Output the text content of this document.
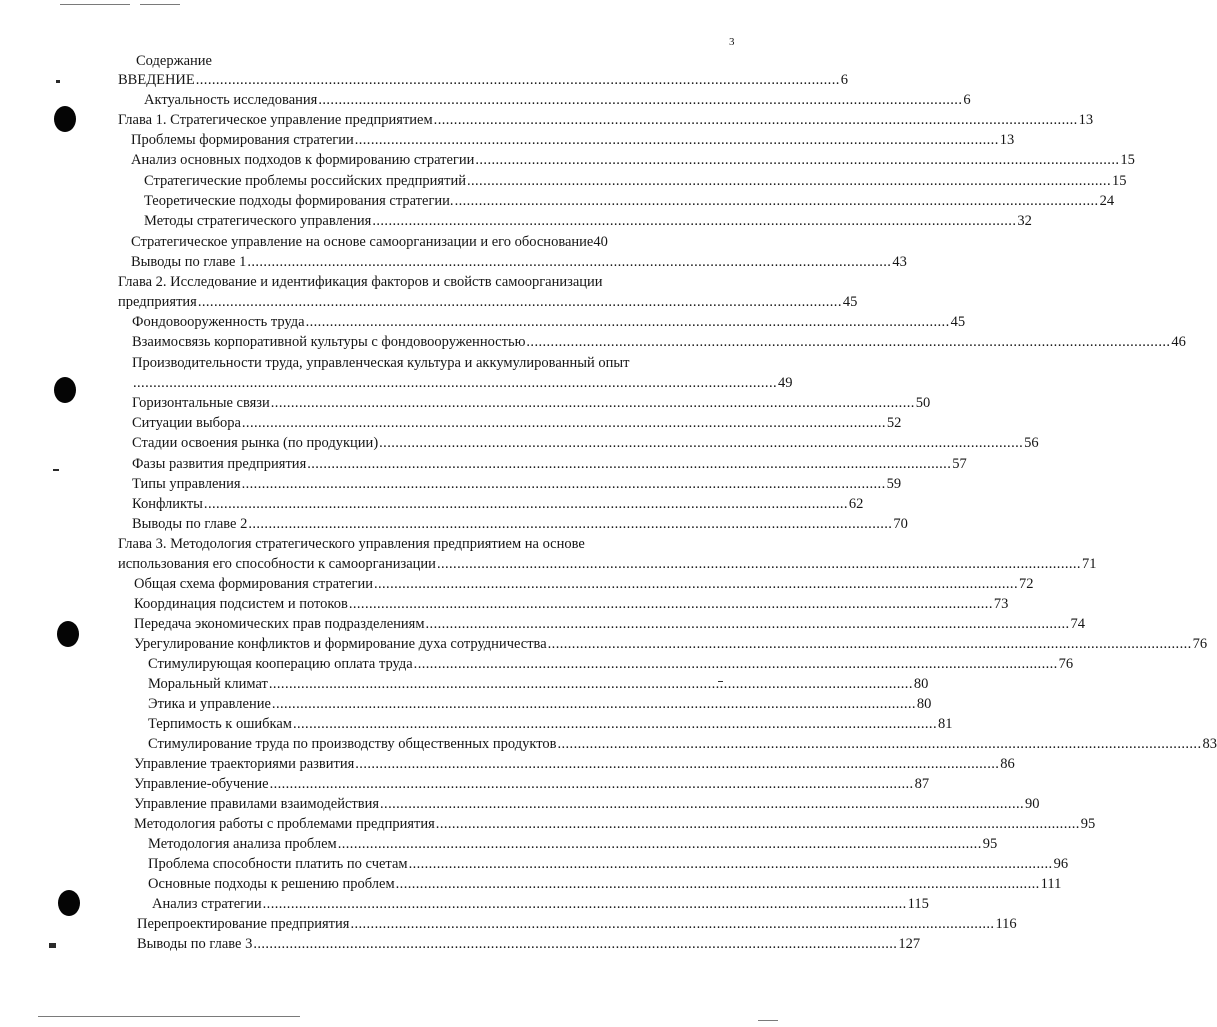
3
Содержание
ВВЕДЕНИЕ ................................................................................................................................................................ 6
Актуальность исследования ................................................................................................................................................................ 6
Глава 1. Стратегическое управление предприятием ................................................................................................................................................................ 13
Проблемы формирования стратегии ................................................................................................................................................................ 13
Анализ основных подходов к формированию стратегии ................................................................................................................................................................ 15
Стратегические проблемы российских предприятий ................................................................................................................................................................ 15
Теоретические подходы формирования стратегии. ................................................................................................................................................................ 24
Методы стратегического управления ................................................................................................................................................................ 32
Стратегическое управление на основе самоорганизации и его обоснование 40
Выводы по главе 1 ................................................................................................................................................................ 43
Глава 2. Исследование и идентификация факторов и свойств самоорганизации
предприятия ................................................................................................................................................................ 45
Фондовооруженность труда ................................................................................................................................................................ 45
Взаимосвязь корпоративной культуры с фондовооруженностью ................................................................................................................................................................ 46
Производительности труда, управленческая культура и аккумулированный опыт
................................................................................................................................................................ 49
Горизонтальные связи ................................................................................................................................................................ 50
Ситуации выбора ................................................................................................................................................................ 52
Стадии освоения рынка (по продукции) ................................................................................................................................................................ 56
Фазы развития предприятия ................................................................................................................................................................ 57
Типы управления ................................................................................................................................................................ 59
Конфликты ................................................................................................................................................................ 62
Выводы по главе 2 ................................................................................................................................................................ 70
Глава 3. Методология стратегического управления предприятием на основе
использования его способности к самоорганизации ................................................................................................................................................................ 71
Общая схема формирования стратегии ................................................................................................................................................................ 72
Координация подсистем и потоков ................................................................................................................................................................ 73
Передача экономических прав подразделениям ................................................................................................................................................................ 74
Урегулирование конфликтов и формирование духа сотрудничества ................................................................................................................................................................ 76
Стимулирующая кооперацию оплата труда ................................................................................................................................................................ 76
Моральный климат ................................................................................................................................................................ 80
Этика и управление ................................................................................................................................................................ 80
Терпимость к ошибкам ................................................................................................................................................................ 81
Стимулирование труда по производству общественных продуктов ................................................................................................................................................................ 83
Управление траекториями развития ................................................................................................................................................................ 86
Управление-обучение ................................................................................................................................................................ 87
Управление правилами взаимодействия ................................................................................................................................................................ 90
Методология работы с проблемами предприятия ................................................................................................................................................................ 95
Методология анализа проблем ................................................................................................................................................................ 95
Проблема способности платить по счетам ................................................................................................................................................................ 96
Основные подходы к решению проблем ................................................................................................................................................................ 111
Анализ стратегии ................................................................................................................................................................ 115
Перепроектирование предприятия ................................................................................................................................................................ 116
Выводы по главе 3 ................................................................................................................................................................ 127
